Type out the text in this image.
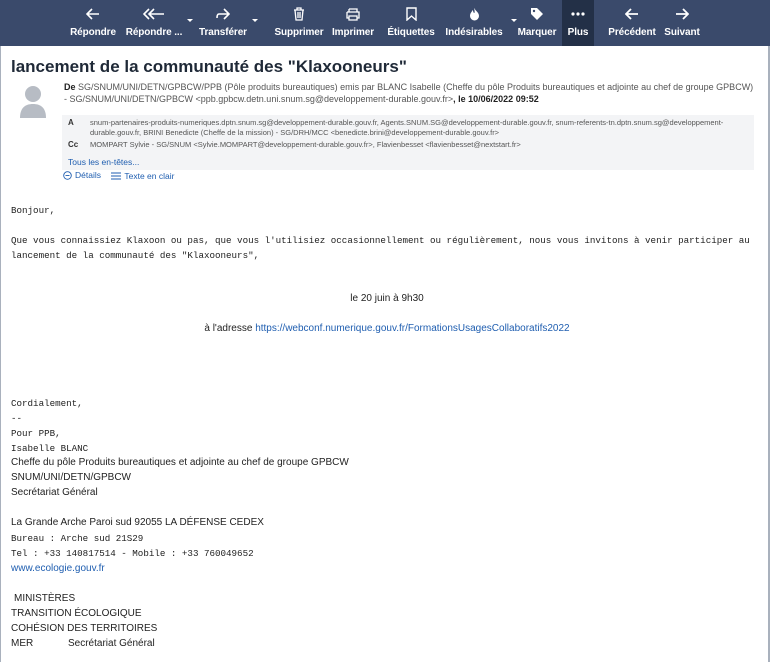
Répondre Répondre ...	Transférer	Supprimer Imprimer	Étiquettes	Indésirables Marquer	Plus	Précédent Suivant
lancement de la communauté des "Klaxooneurs"
De SG/SNUM/UNI/DETN/GPBCW/PPB (Pôle produits bureautiques) emis par BLANC Isabelle (Cheffe du pôle Produits bureautiques et adjointe au chef de groupe GPBCW) - SG/SNUM/UNI/DETN/GPBCW <ppb.gpbcw.detn.uni.snum.sg@developpement-durable.gouv.fr>, le 10/06/2022 09:52
A snum-partenaires-produits-numeriques.dptn.snum.sg@developpement-durable.gouv.fr, Agents.SNUM.SG@developpement-durable.gouv.fr, snum-referents-tn.dptn.snum.sg@developpement-durable.gouv.fr, BRINI Benedicte (Cheffe de la mission) - SG/DRH/MCC <benedicte.brini@developpement-durable.gouv.fr>
Cc MOMPART Sylvie - SG/SNUM <Sylvie.MOMPART@developpement-durable.gouv.fr>, Flavienbesset <flavienbesset@nextstart.fr>
Tous les en-têtes...
Détails
	Texte en clair
Bonjour,
Que vous connaissiez Klaxoon ou pas, que vous l'utilisiez occasionnellement ou régulièrement, nous vous invitons à venir participer au lancement de la communauté des "Klaxooneurs",
le 20 juin à 9h30
à l'adresse https://webconf.numerique.gouv.fr/FormationsUsagesCollaboratifs2022
Cordialement,
--
Pour PPB,
Isabelle BLANC
Cheffe du pôle Produits bureautiques et adjointe au chef de groupe GPBCW
SNUM/UNI/DETN/GPBCW
Secrétariat Général
La Grande Arche Paroi sud 92055 LA DÉFENSE CEDEX
Bureau : Arche sud 21S29
Tel : +33 140817514 - Mobile : +33 760049652
www.ecologie.gouv.fr
MINISTÈRES
TRANSITION ÉCOLOGIQUE
COHÉSION DES TERRITOIRES
MER	Secrétariat Général
